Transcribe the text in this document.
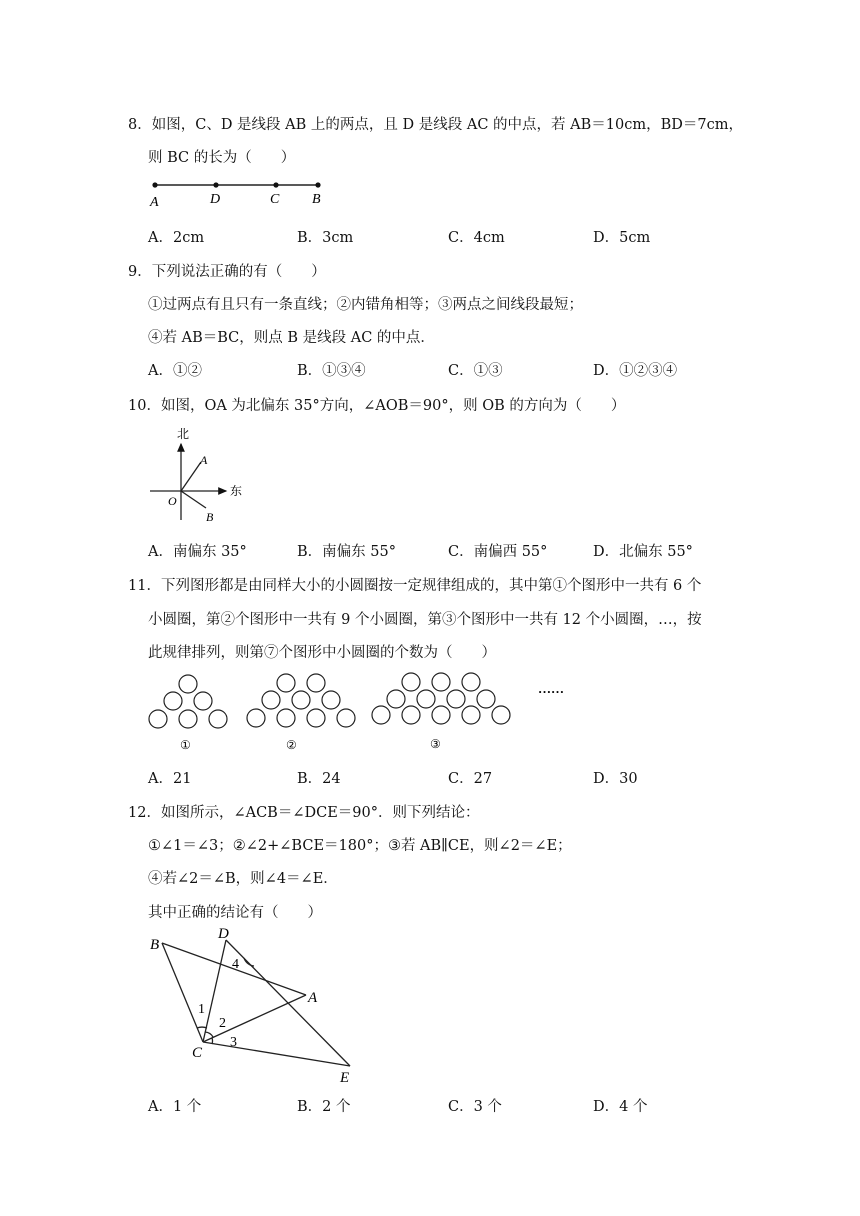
8．如图，C、D 是线段 AB 上的两点，且 D 是线段 AC 的中点，若 AB＝10cm，BD＝7cm，
则 BC 的长为（　　）
A	D	C B
A．2cm	B．3cm	C．4cm	D．5cm
9．下列说法正确的有（　　）
①过两点有且只有一条直线；②内错角相等；③两点之间线段最短；
④若 AB＝BC，则点 B 是线段 AC 的中点．
A．①②	B．①③④	C．①③	D．①②③④
10．如图，OA 为北偏东 35°方向，∠AOB＝90°，则 OB 的方向为（　　）
北
东
A
O
B
A．南偏东 35°	B．南偏东 55°	C．南偏西 55°	D．北偏东 55°
11．下列图形都是由同样大小的小圆圈按一定规律组成的，其中第①个图形中一共有 6 个
小圆圈，第②个图形中一共有 9 个小圆圈，第③个图形中一共有 12 个小圆圈，…，按
此规律排列，则第⑦个图形中小圆圈的个数为（　　）
①	②	③
……
A．21	B．24	C．27	D．30
12．如图所示，∠ACB＝∠DCE＝90°．则下列结论：
①∠1＝∠3；②∠2+∠BCE＝180°；③若 AB∥CE，则∠2＝∠E；
④若∠2＝∠B，则∠4＝∠E．
其中正确的结论有（　　）
B
D
A
C
E
1
2
3
4
A．1 个	B．2 个	C．3 个	D．4 个
